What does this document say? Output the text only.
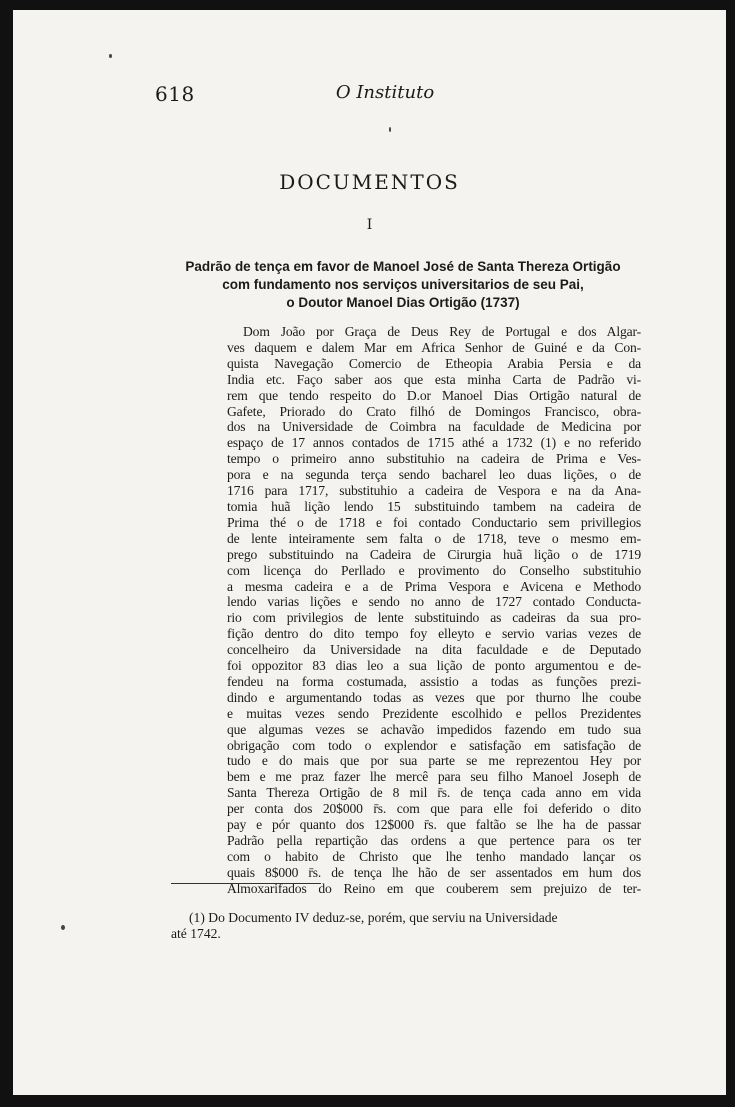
618	O Instituto
DOCUMENTOS
I
Padrão de tença em favor de Manoel José de Santa Thereza Ortigão
com fundamento nos serviços universitarios de seu Pai,
o Doutor Manoel Dias Ortigão (1737)
Dom João por Graça de Deus Rey de Portugal e dos Algar-
ves daquem e dalem Mar em Africa Senhor de Guiné e da Con-
quista Navegação Comercio de Etheopia Arabia Persia e da
India etc. Faço saber aos que esta minha Carta de Padrão vi-
rem que tendo respeito do D.or Manoel Dias Ortigão natural de
Gafete, Priorado do Crato filhó de Domingos Francisco, obra-
dos na Universidade de Coimbra na faculdade de Medicina por
espaço de 17 annos contados de 1715 athé a 1732 (1) e no referido
tempo o primeiro anno substituhio na cadeira de Prima e Ves-
pora e na segunda terça sendo bacharel leo duas lições, o de
1716 para 1717, substituhio a cadeira de Vespora e na da Ana-
tomia huã lição lendo 15 substituindo tambem na cadeira de
Prima thé o de 1718 e foi contado Conductario sem privillegios
de lente inteiramente sem falta o de 1718, teve o mesmo em-
prego substituindo na Cadeira de Cirurgia huã lição o de 1719
com licença do Perllado e provimento do Conselho substituhio
a mesma cadeira e a de Prima Vespora e Avicena e Methodo
lendo varias lições e sendo no anno de 1727 contado Conducta-
rio com privilegios de lente substituindo as cadeiras da sua pro-
fição dentro do dito tempo foy elleyto e servio varias vezes de
concelheiro da Universidade na dita faculdade e de Deputado
foi oppozitor 83 dias leo a sua lição de ponto argumentou e de-
fendeu na forma costumada, assistio a todas as funções prezi-
dindo e argumentando todas as vezes que por thurno lhe coube
e muitas vezes sendo Prezidente escolhido e pellos Prezidentes
que algumas vezes se achavão impedidos fazendo em tudo sua
obrigação com todo o explendor e satisfação em satisfação de
tudo e do mais que por sua parte se me reprezentou Hey por
bem e me praz fazer lhe mercê para seu filho Manoel Joseph de
Santa Thereza Ortigão de 8 mil r̄s. de tença cada anno em vida
per conta dos 20$000 r̄s. com que para elle foi deferido o dito
pay e pór quanto dos 12$000 r̄s. que faltão se lhe ha de passar
Padrão pella repartição das ordens a que pertence para os ter
com o habito de Christo que lhe tenho mandado lançar os
quais 8$000 r̄s. de tença lhe hão de ser assentados em hum dos
Almoxarifados do Reino em que couberem sem prejuizo de ter-
(1) Do Documento IV deduz-se, porém, que serviu na Universidade
até 1742.
